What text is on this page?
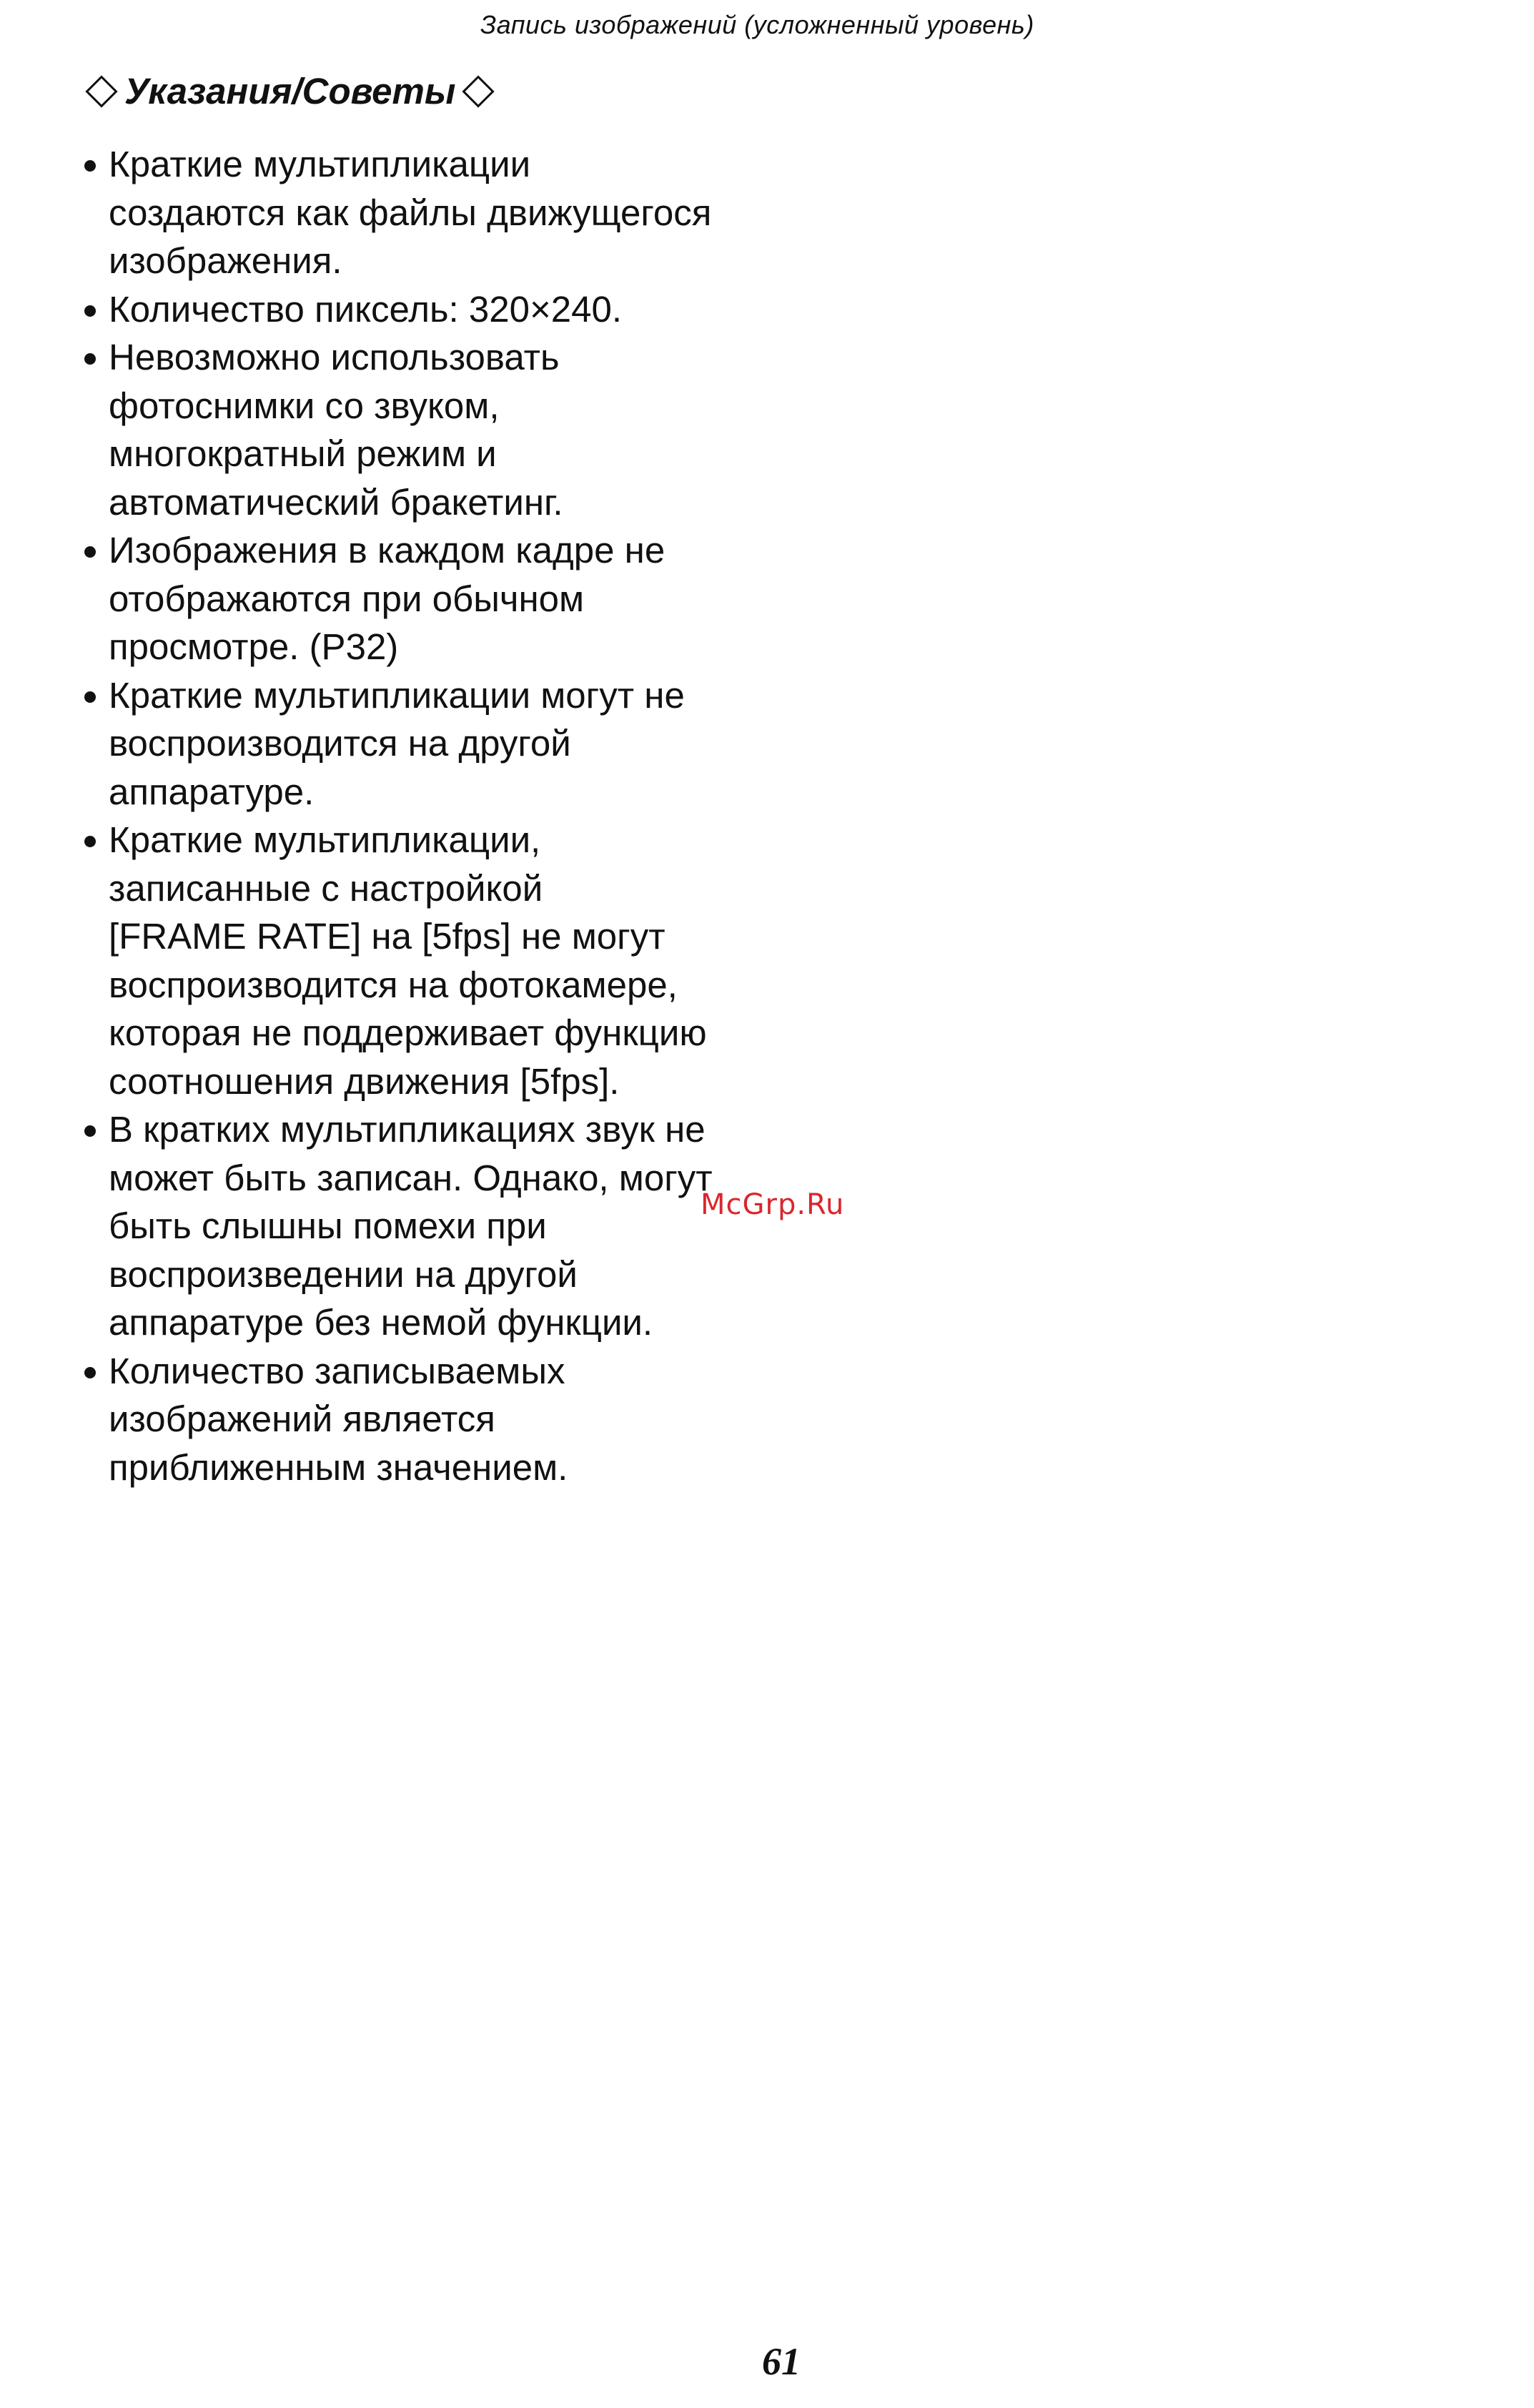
Запись изображений (усложненный уровень)
Указания/Советы
Краткие мультипликации
создаются как файлы движущегося
изображения.
Количество пиксель: 320×240.
Невозможно использовать
фотоснимки со звуком,
многократный режим и
автоматический бракетинг.
Изображения в каждом кадре не
отображаются при обычном
просмотре. (P32)
Краткие мультипликации могут не
воспроизводится на другой
аппаратуре.
Краткие мультипликации,
записанные с настройкой
[FRAME RATE] на [5fps] не могут
воспроизводится на фотокамере,
которая не поддерживает функцию
соотношения движения [5fps].
В кратких мультипликациях звук не
может быть записан. Однако, могут
быть слышны помехи при
воспроизведении на другой
аппаратуре без немой функции.
Количество записываемых
изображений является
приближенным значением.
McGrp.Ru
61
